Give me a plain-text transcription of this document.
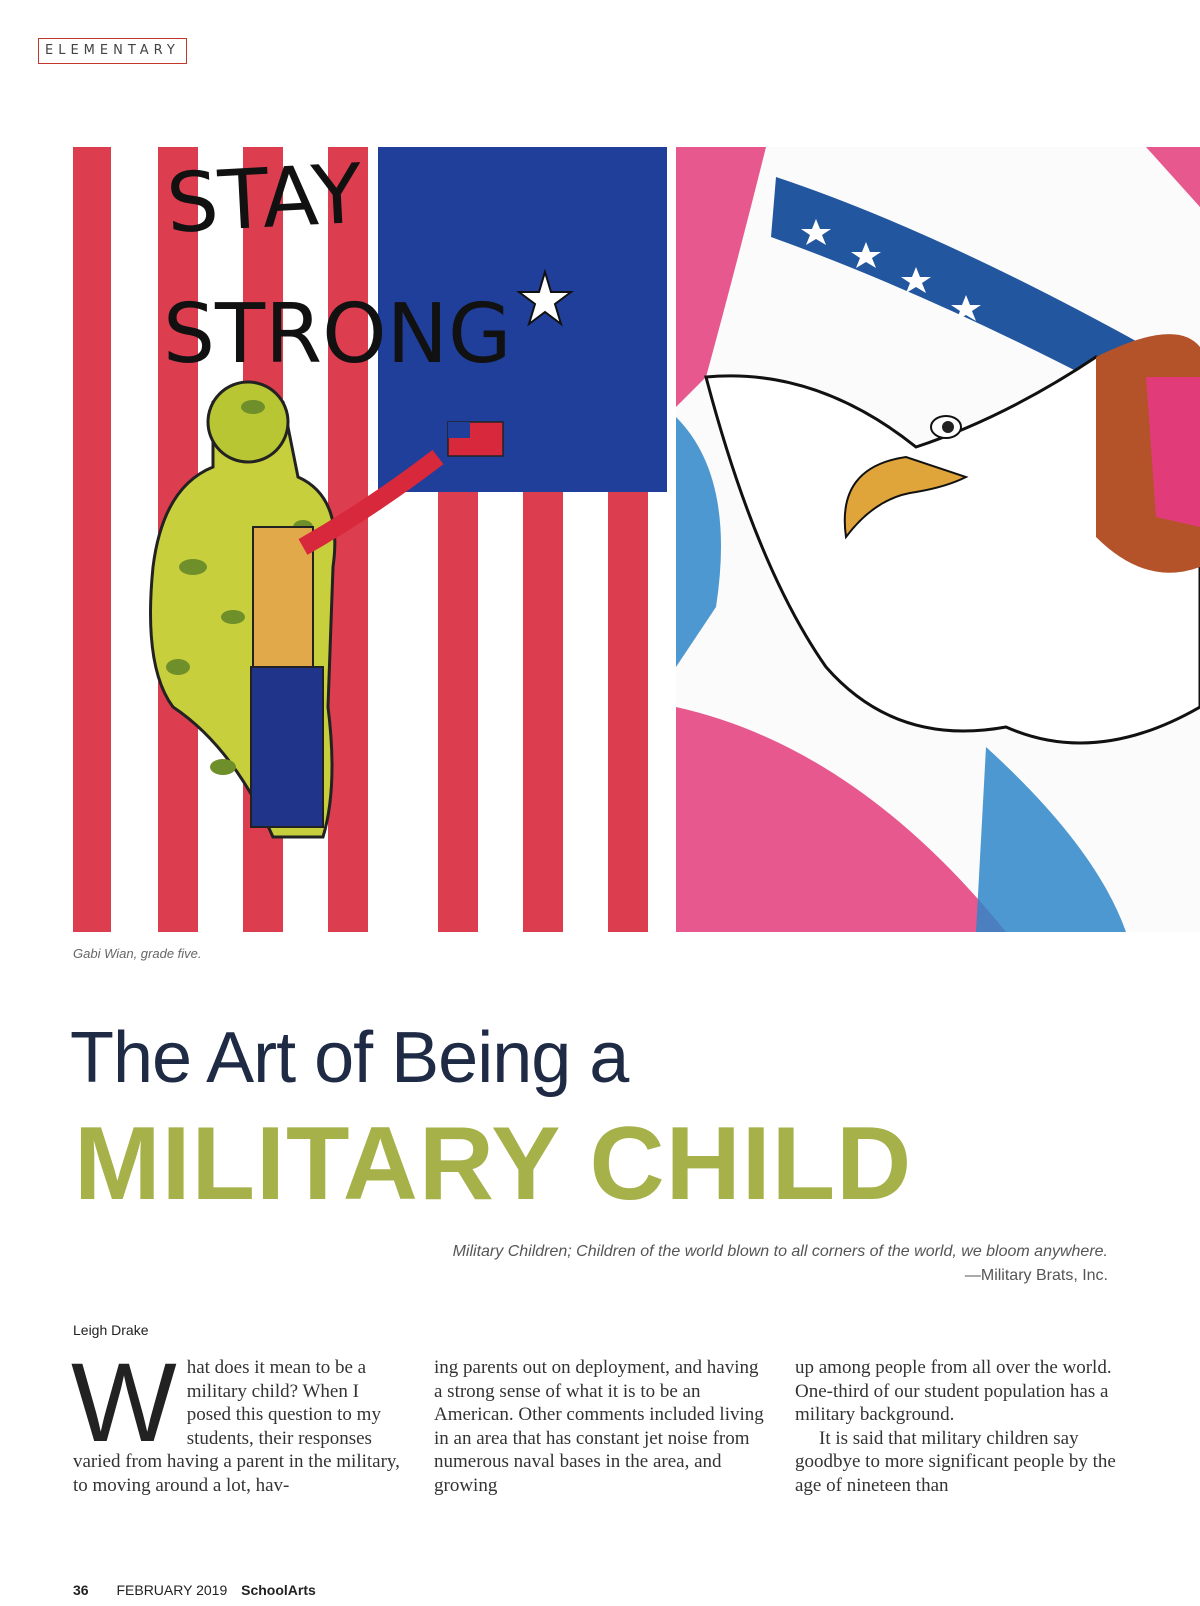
ELEMENTARY
STAY
STRONG
Gabi Wian, grade five.
The Art of Being a
MILITARY CHILD
Military Children; Children of the world blown to all corners of the world, we bloom anywhere.
—Military Brats, Inc.
Leigh Drake
W hat does it mean to be a military child? When I posed this question to my students, their responses varied from having a parent in the military, to moving around a lot, hav-
ing parents out on deployment, and having a strong sense of what it is to be an American. Other comments included living in an area that has constant jet noise from numerous naval bases in the area, and growing
up among people from all over the world. One-third of our student population has a military background.
It is said that military children say goodbye to more significant people by the age of nineteen than
36 FEBRUARY 2019 SchoolArts
